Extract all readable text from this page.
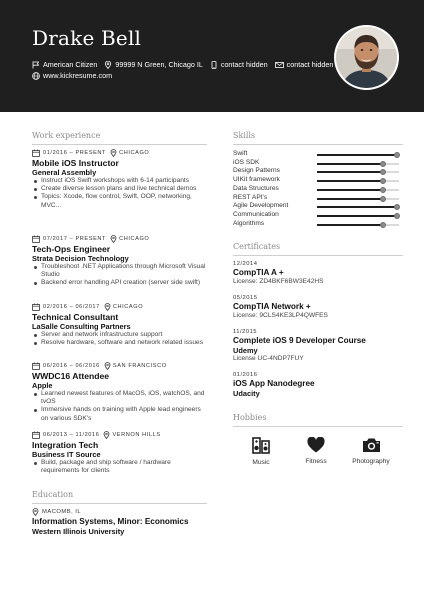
Drake Bell
American Citizen	99999 N Green, Chicago IL	contact hidden	contact hidden
www.kickresume.com
Work experience	Skills
Certificates
Hobbies
Education
01/2016 – PRESENT CHICAGO
Mobile iOS Instructor
General Assembly
Instruct iOS Swift workshops with 6-14 participants
Create diverse lesson plans and live technical demos
Topics: Xcode, flow control, Swift, OOP, networking, MVC...
07/2017 – PRESENT CHICAGO
Tech-Ops Engineer
Strata Decision Technology
Troubleshoot .NET Applications through Microsoft Visual Studio
Backend error handling API creation (server side swift)
02/2016 – 06/2017 CHICAGO
Technical Consultant
LaSalle Consulting Partners
Server and network infrastructure support
Resolve hardware, software and network related issues
06/2016 – 06/2016 SAN FRANCISCO
WWDC16 Attendee
Apple
Learned newest features of MacOS, iOS, watchOS, and tvOS
Immersive hands on training with Apple lead engineers on various SDK's
06/2013 – 11/2016 VERNON HILLS
Integration Tech
Business IT Source
Build, package and ship software / hardware requirements for clients
Swift
iOS SDK
Design Patterns
UIKit framework
Data Structures
REST API's
Agile Development
Communication
Algorithms
12/2014
CompTIA A +
License: ZD4BKF6BW3E42HS
05/2015
CompTIA Network +
License: 9CLS4KE3LP4QWFES
11/2015
Complete iOS 9 Developer Course
Udemy
License UC-4NDP7FUY
01/2016
iOS App Nanodegree
Udacity
Music	Fitness	Photography
MACOMB, IL
Information Systems, Minor: Economics
Western Illinois University
